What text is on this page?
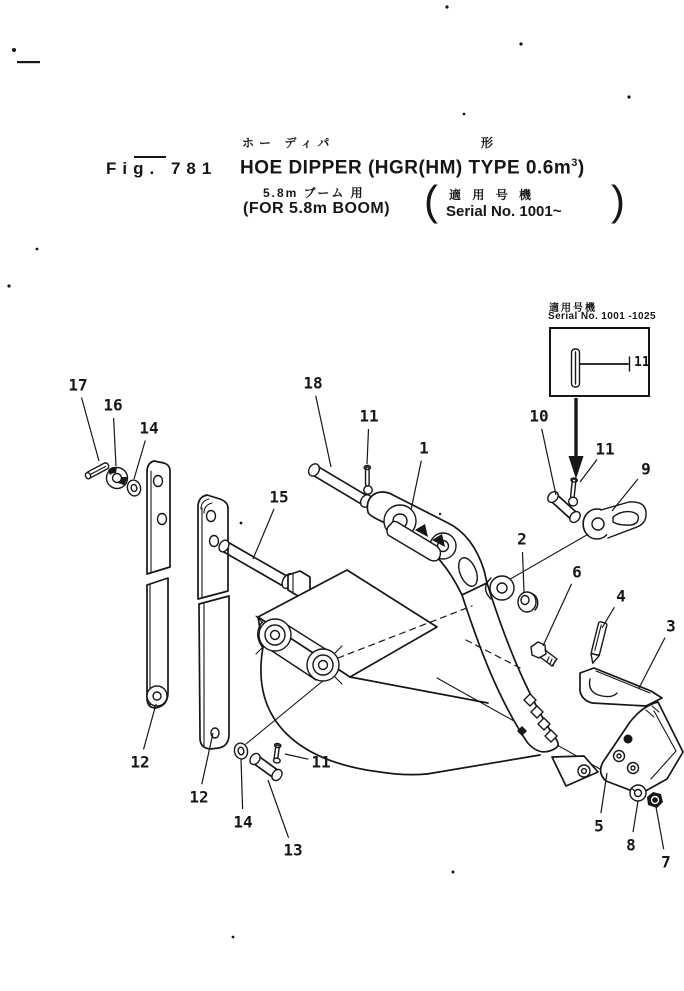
ホー ディパ	形
Fig. 781 HOE DIPPER (HGR(HM) TYPE $0.6m^3$)
5.8m ブーム 用
(FOR 5.8m BOOM) ( 適 用 号 機
Serial No. 1001~ )
適用号機
Serial No. 1001 -1025
11
17
16
14
18
11
1
10
11
9
2
6
4
3
15
12
12
14
11
13
5
8
7
